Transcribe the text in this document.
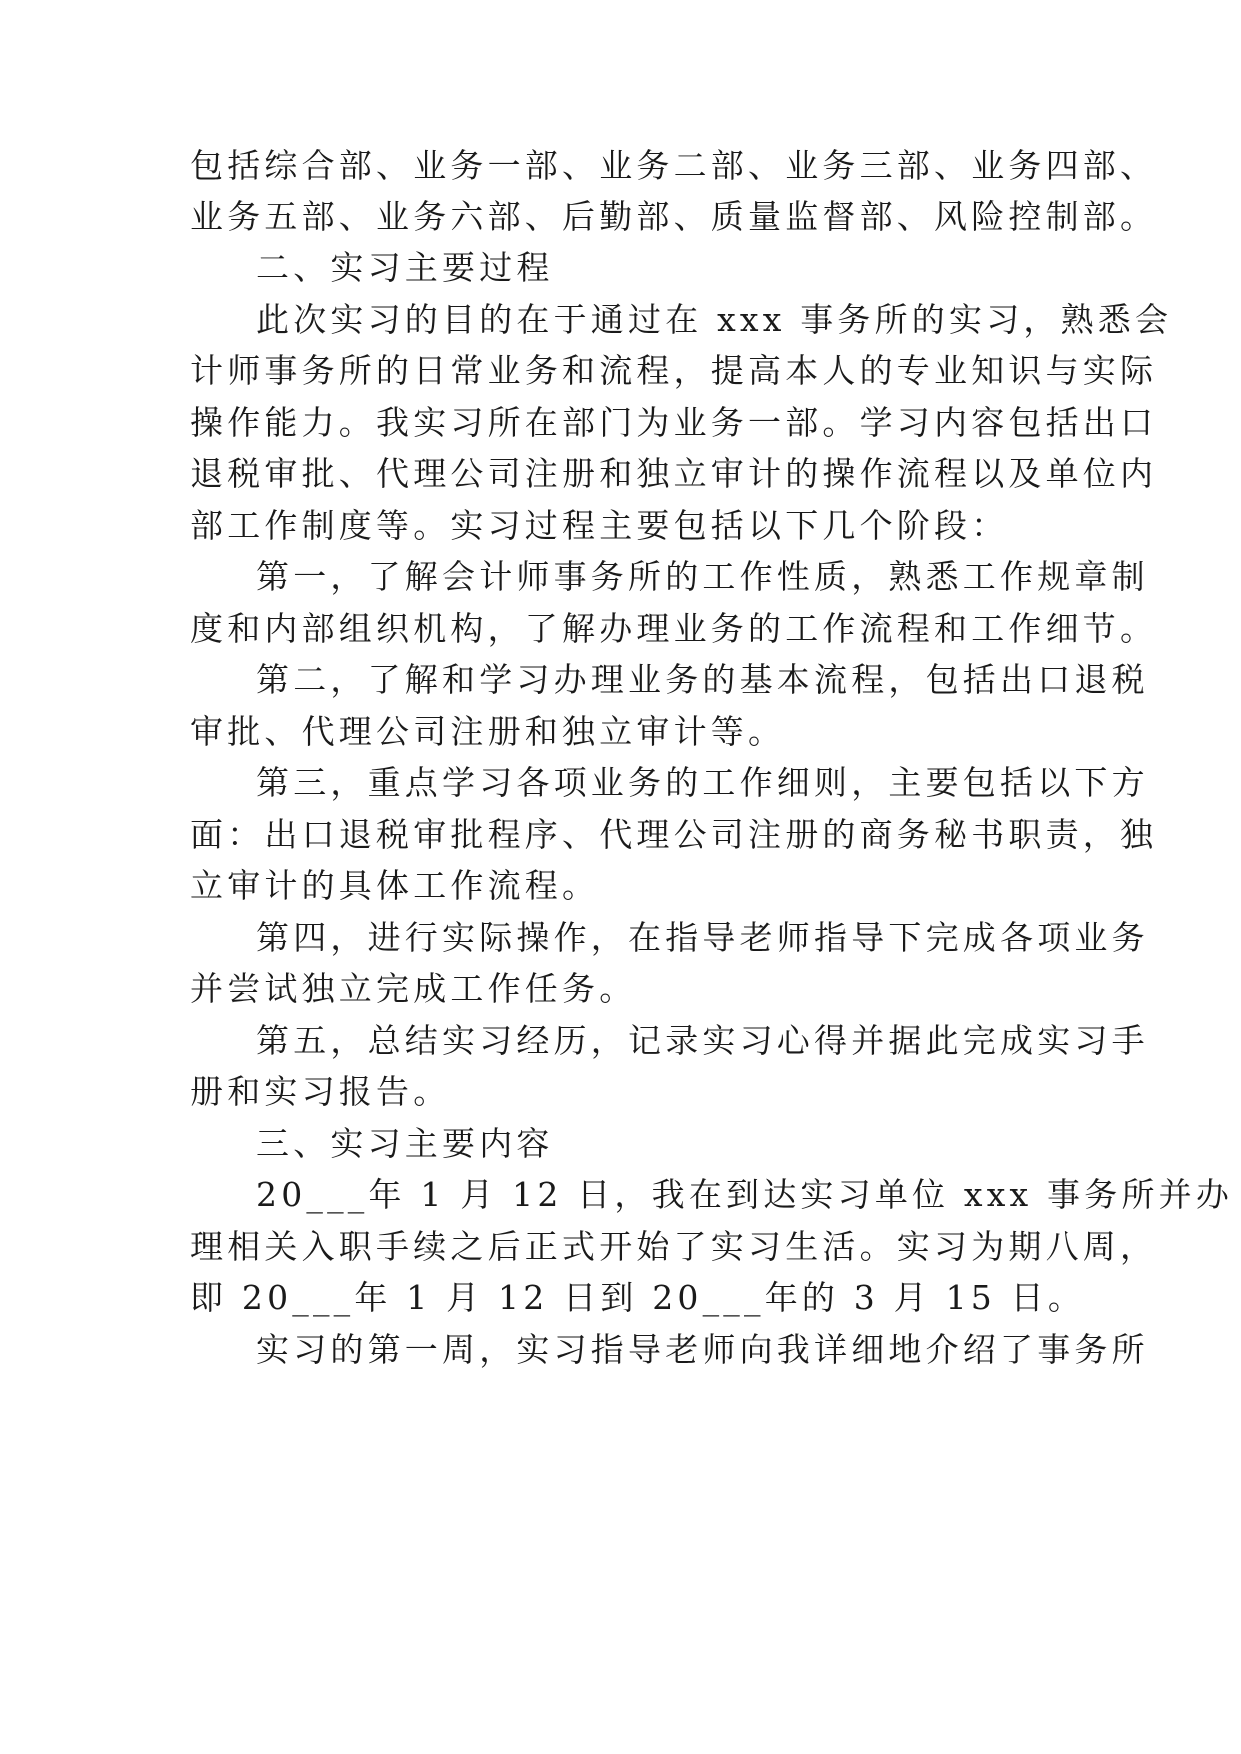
包括综合部、业务一部、业务二部、业务三部、业务四部、
业务五部、业务六部、后勤部、质量监督部、风险控制部。
二、实习主要过程
此次实习的目的在于通过在 xxx 事务所的实习，熟悉会
计师事务所的日常业务和流程，提高本人的专业知识与实际
操作能力。我实习所在部门为业务一部。学习内容包括出口
退税审批、代理公司注册和独立审计的操作流程以及单位内
部工作制度等。实习过程主要包括以下几个阶段：
第一，了解会计师事务所的工作性质，熟悉工作规章制
度和内部组织机构，了解办理业务的工作流程和工作细节。
第二，了解和学习办理业务的基本流程，包括出口退税
审批、代理公司注册和独立审计等。
第三，重点学习各项业务的工作细则，主要包括以下方
面：出口退税审批程序、代理公司注册的商务秘书职责，独
立审计的具体工作流程。
第四，进行实际操作，在指导老师指导下完成各项业务
并尝试独立完成工作任务。
第五，总结实习经历，记录实习心得并据此完成实习手
册和实习报告。
三、实习主要内容
20___年 1 月 12 日，我在到达实习单位 xxx 事务所并办
理相关入职手续之后正式开始了实习生活。实习为期八周，
即 20___年 1 月 12 日到 20___年的 3 月 15 日。
实习的第一周，实习指导老师向我详细地介绍了事务所
